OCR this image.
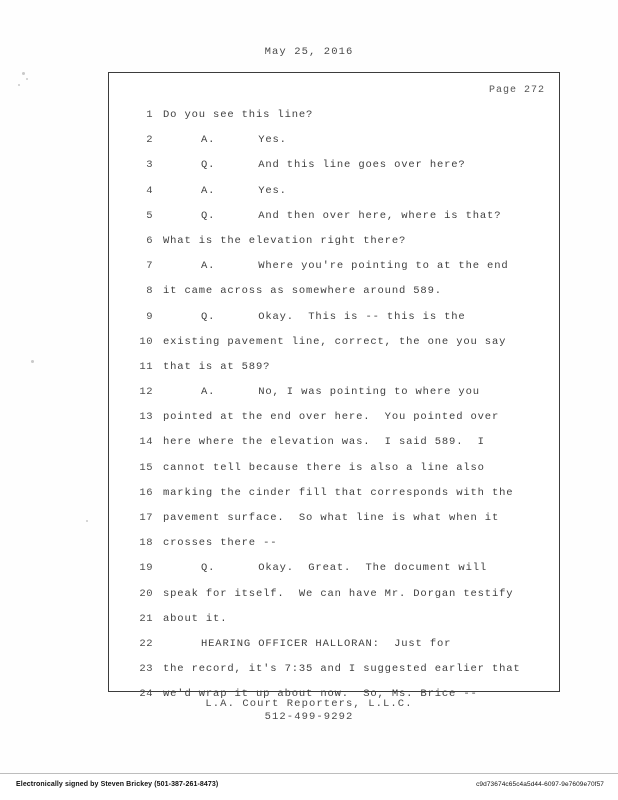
May 25, 2016
Page 272
1 Do you see this line?
2	A.      Yes.
3	Q.      And this line goes over here?
4	A.      Yes.
5	Q.      And then over here, where is that?
6 What is the elevation right there?
7	A.      Where you're pointing to at the end
8 it came across as somewhere around 589.
9	Q.      Okay.  This is -- this is the
10 existing pavement line, correct, the one you say
11 that is at 589?
12	A.      No, I was pointing to where you
13 pointed at the end over here.  You pointed over
14 here where the elevation was.  I said 589.  I
15 cannot tell because there is also a line also
16 marking the cinder fill that corresponds with the
17 pavement surface.  So what line is what when it
18 crosses there --
19	Q.      Okay.  Great.  The document will
20 speak for itself.  We can have Mr. Dorgan testify
21 about it.
22	HEARING OFFICER HALLORAN:  Just for
23 the record, it's 7:35 and I suggested earlier that
24 we'd wrap it up about now.  So, Ms. Brice --
L.A. Court Reporters, L.L.C.
512-499-9292
Electronically signed by Steven Brickey (501-387-261-8473)	c9d73674c65c4a5d44-6097-9e7609e70f57
